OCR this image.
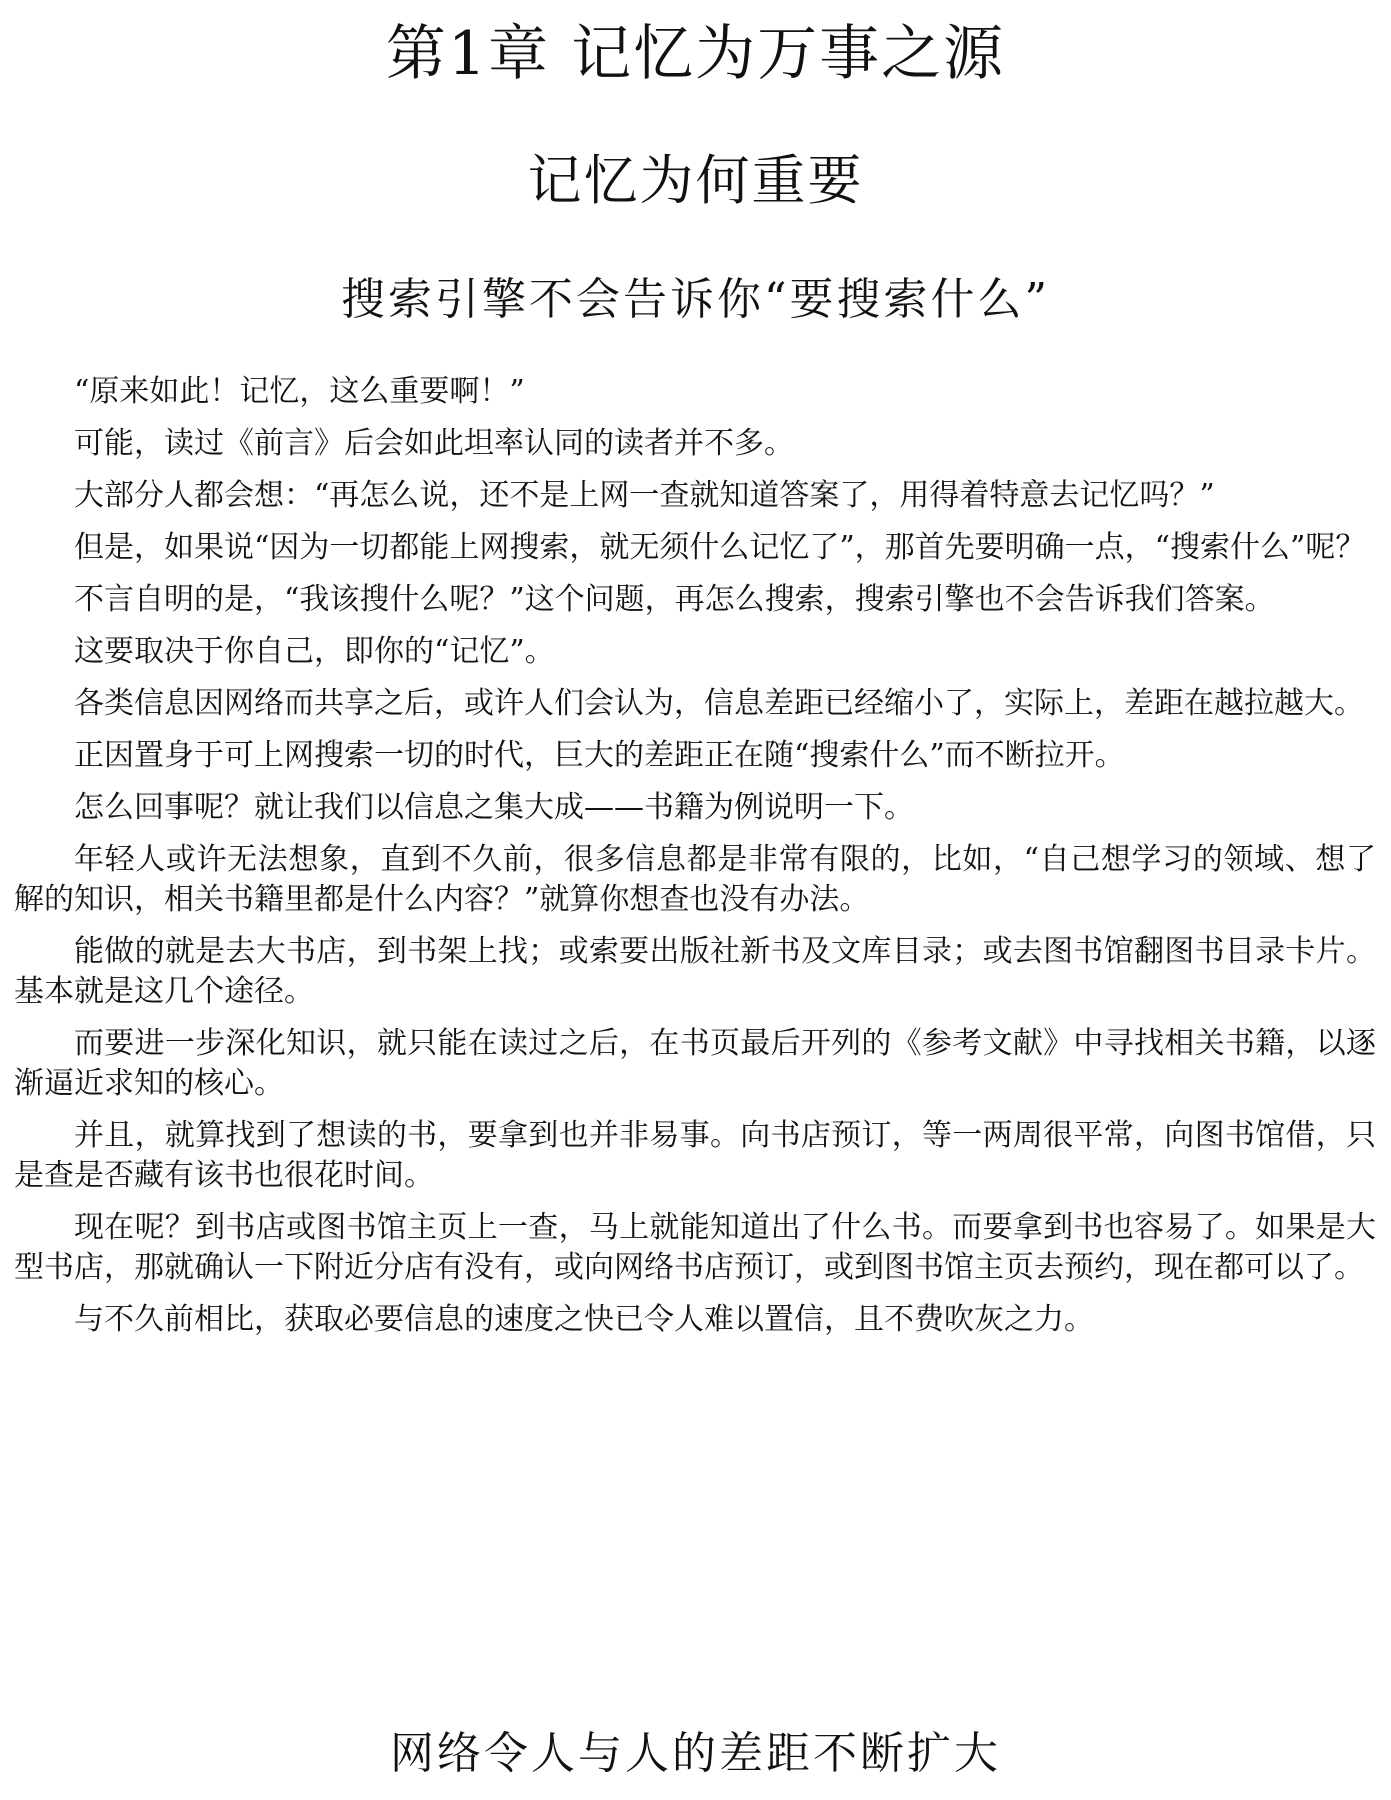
第1章 记忆为万事之源
记忆为何重要
搜索引擎不会告诉你“要搜索什么”

“原来如此！记忆，这么重要啊！”

可能，读过《前言》后会如此坦率认同的读者并不多。

大部分人都会想：“再怎么说，还不是上网一查就知道答案了，用得着特意去记忆吗？”

但是，如果说“因为一切都能上网搜索，就无须什么记忆了”，那首先要明确一点，“搜索什么”呢？

不言自明的是，“我该搜什么呢？”这个问题，再怎么搜索，搜索引擎也不会告诉我们答案。

这要取决于你自己，即你的“记忆”。

各类信息因网络而共享之后，或许人们会认为，信息差距已经缩小了，实际上，差距在越拉越大。

正因置身于可上网搜索一切的时代，巨大的差距正在随“搜索什么”而不断拉开。

怎么回事呢？就让我们以信息之集大成——书籍为例说明一下。

年轻人或许无法想象，直到不久前，很多信息都是非常有限的，比如，“自己想学习的领域、想了解的知识，相关书籍里都是什么内容？”就算你想查也没有办法。

能做的就是去大书店，到书架上找；或索要出版社新书及文库目录；或去图书馆翻图书目录卡片。基本就是这几个途径。

而要进一步深化知识，就只能在读过之后，在书页最后开列的《参考文献》中寻找相关书籍，以逐渐逼近求知的核心。

并且，就算找到了想读的书，要拿到也并非易事。向书店预订，等一两周很平常，向图书馆借，只是查是否藏有该书也很花时间。

现在呢？到书店或图书馆主页上一查，马上就能知道出了什么书。而要拿到书也容易了。如果是大型书店，那就确认一下附近分店有没有，或向网络书店预订，或到图书馆主页去预约，现在都可以了。

与不久前相比，获取必要信息的速度之快已令人难以置信，且不费吹灰之力。

网络令人与人的差距不断扩大
